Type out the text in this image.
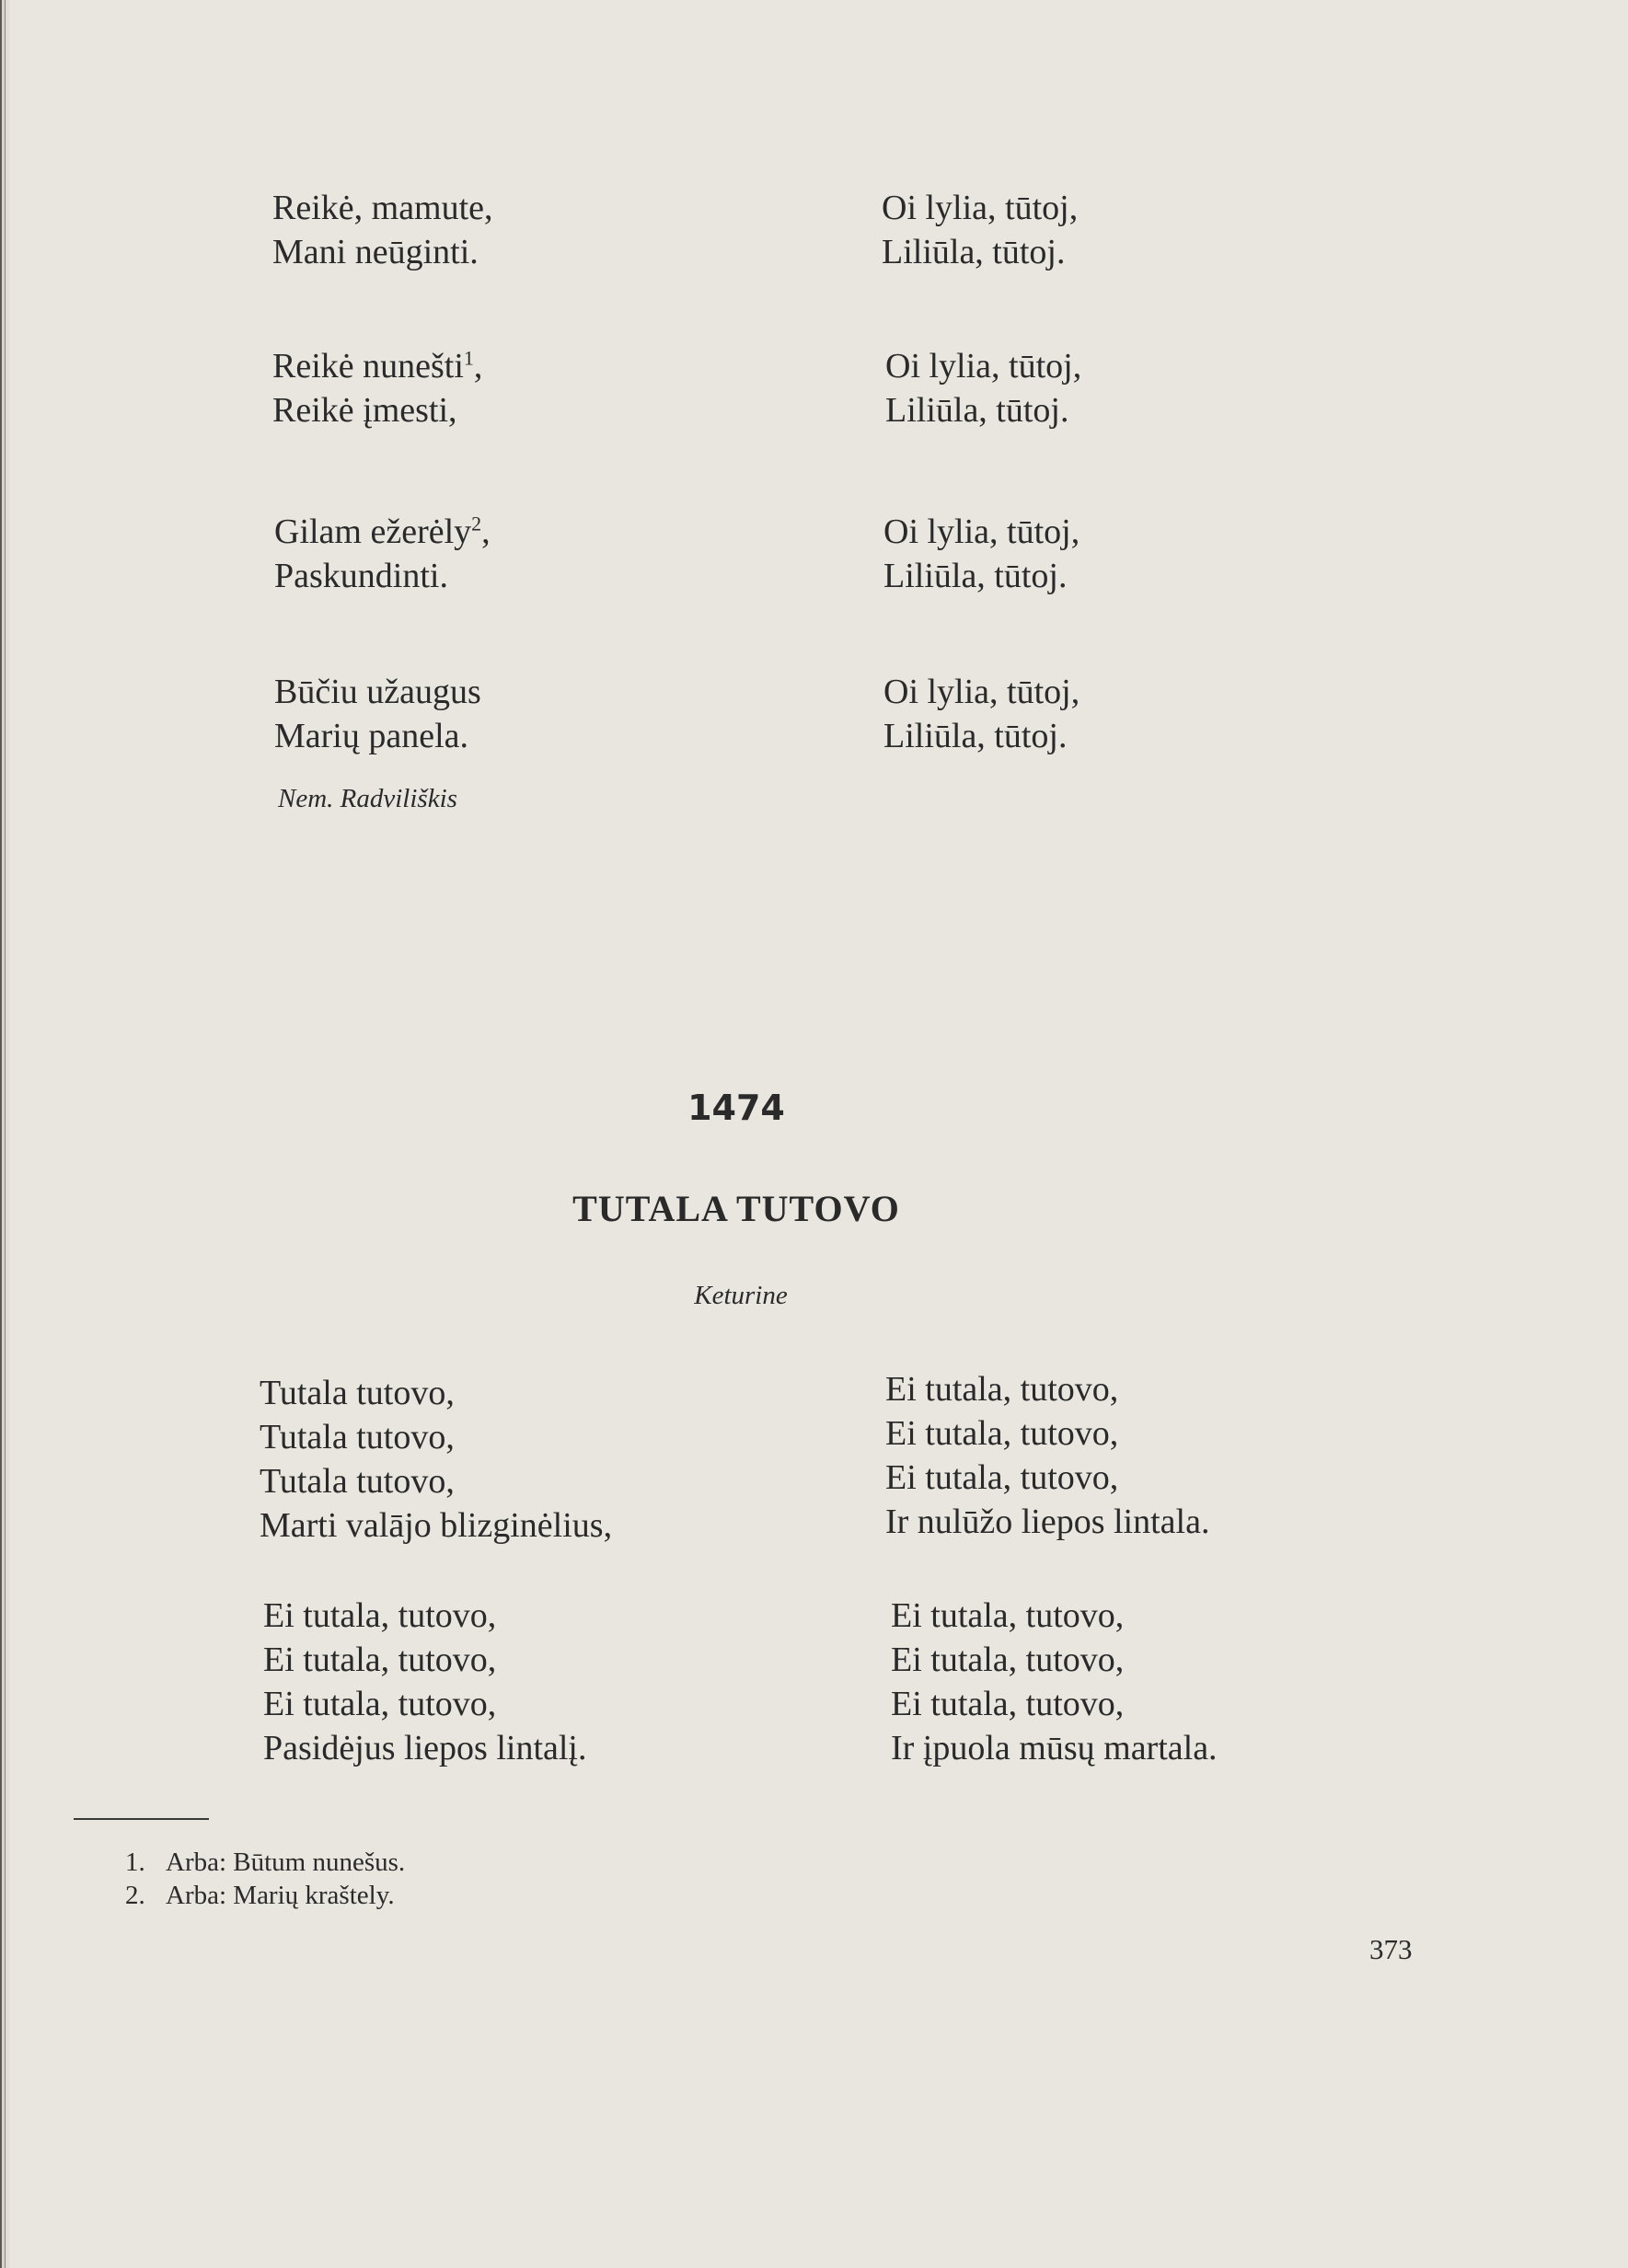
Reikė, mamute,
Mani neūginti.
Oi lylia, tūtoj,
Liliūla, tūtoj.
Reikė nunešti$^1$,
Reikė įmesti,
Oi lylia, tūtoj,
Liliūla, tūtoj.
Gilam ežerėly$^2$,
Paskundinti.
Oi lylia, tūtoj,
Liliūla, tūtoj.
Būčiu užaugus
Marių panela.
Oi lylia, tūtoj,
Liliūla, tūtoj.
Nem. Radviliškis
1474
TUTALA TUTOVO
Keturine
Tutala tutovo,
Tutala tutovo,
Tutala tutovo,
Marti valājo blizginėlius,
Ei tutala, tutovo,
Ei tutala, tutovo,
Ei tutala, tutovo,
Ir nulūžo liepos lintala.
Ei tutala, tutovo,
Ei tutala, tutovo,
Ei tutala, tutovo,
Pasidėjus liepos lintalį.
Ei tutala, tutovo,
Ei tutala, tutovo,
Ei tutala, tutovo,
Ir įpuola mūsų martala.
1. Arba: Būtum nunešus.
2. Arba: Marių kraštely.
373
